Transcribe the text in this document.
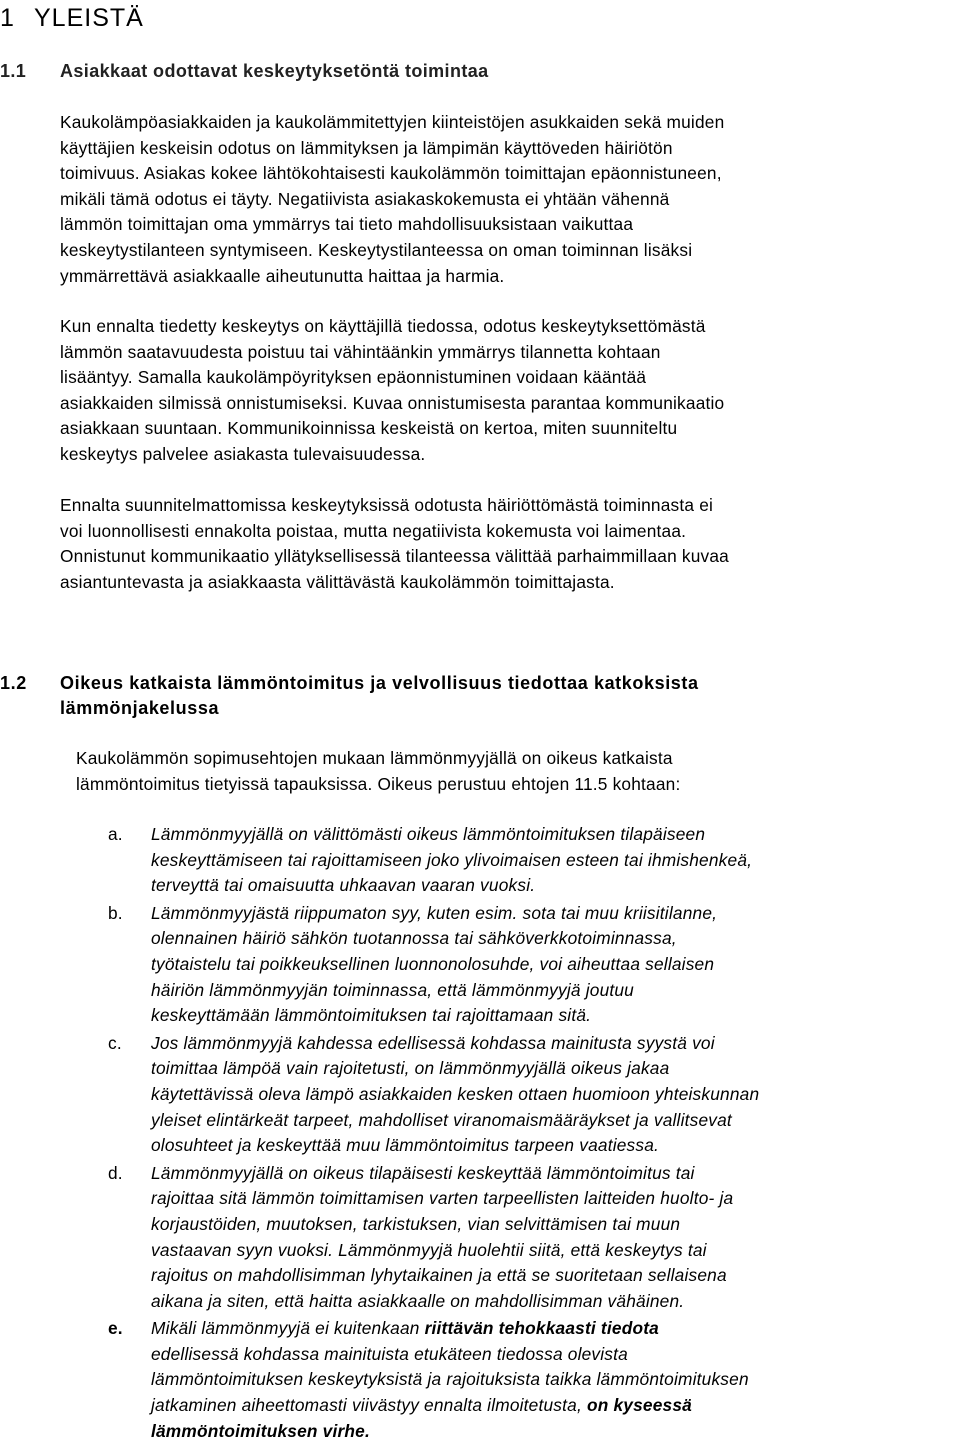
1 YLEISTÄ
1.1 Asiakkaat odottavat keskeytyksetöntä toimintaa

Kaukolämpöasiakkaiden ja kaukolämmitettyjen kiinteistöjen asukkaiden sekä muiden
käyttäjien keskeisin odotus on lämmityksen ja lämpimän käyttöveden häiriötön
toimivuus. Asiakas kokee lähtökohtaisesti kaukolämmön toimittajan epäonnistuneen,
mikäli tämä odotus ei täyty. Negatiivista asiakaskokemusta ei yhtään vähennä
lämmön toimittajan oma ymmärrys tai tieto mahdollisuuksistaan vaikuttaa
keskeytystilanteen syntymiseen. Keskeytystilanteessa on oman toiminnan lisäksi
ymmärrettävä asiakkaalle aiheutunutta haittaa ja harmia.

Kun ennalta tiedetty keskeytys on käyttäjillä tiedossa, odotus keskeytyksettömästä
lämmön saatavuudesta poistuu tai vähintäänkin ymmärrys tilannetta kohtaan
lisääntyy. Samalla kaukolämpöyrityksen epäonnistuminen voidaan kääntää
asiakkaiden silmissä onnistumiseksi. Kuvaa onnistumisesta parantaa kommunikaatio
asiakkaan suuntaan. Kommunikoinnissa keskeistä on kertoa, miten suunniteltu
keskeytys palvelee asiakasta tulevaisuudessa.

Ennalta suunnitelmattomissa keskeytyksissä odotusta häiriöttömästä toiminnasta ei
voi luonnollisesti ennakolta poistaa, mutta negatiivista kokemusta voi laimentaa.
Onnistunut kommunikaatio yllätyksellisessä tilanteessa välittää parhaimmillaan kuvaa
asiantuntevasta ja asiakkaasta välittävästä kaukolämmön toimittajasta.

1.2 Oikeus katkaista lämmöntoimitus ja velvollisuus tiedottaa katkoksista
lämmönjakelussa

Kaukolämmön sopimusehtojen mukaan lämmönmyyjällä on oikeus katkaista
lämmöntoimitus tietyissä tapauksissa. Oikeus perustuu ehtojen 11.5 kohtaan:

a. Lämmönmyyjällä on välittömästi oikeus lämmöntoimituksen tilapäiseen
keskeyttämiseen tai rajoittamiseen joko ylivoimaisen esteen tai ihmishenkeä,
terveyttä tai omaisuutta uhkaavan vaaran vuoksi.
b. Lämmönmyyjästä riippumaton syy, kuten esim. sota tai muu kriisitilanne,
olennainen häiriö sähkön tuotannossa tai sähköverkkotoiminnassa,
työtaistelu tai poikkeuksellinen luonnonolosuhde, voi aiheuttaa sellaisen
häiriön lämmönmyyjän toiminnassa, että lämmönmyyjä joutuu
keskeyttämään lämmöntoimituksen tai rajoittamaan sitä.
c. Jos lämmönmyyjä kahdessa edellisessä kohdassa mainitusta syystä voi
toimittaa lämpöä vain rajoitetusti, on lämmönmyyjällä oikeus jakaa
käytettävissä oleva lämpö asiakkaiden kesken ottaen huomioon yhteiskunnan
yleiset elintärkeät tarpeet, mahdolliset viranomaismääräykset ja vallitsevat
olosuhteet ja keskeyttää muu lämmöntoimitus tarpeen vaatiessa.
d. Lämmönmyyjällä on oikeus tilapäisesti keskeyttää lämmöntoimitus tai
rajoittaa sitä lämmön toimittamisen varten tarpeellisten laitteiden huolto- ja
korjaustöiden, muutoksen, tarkistuksen, vian selvittämisen tai muun
vastaavan syyn vuoksi. Lämmönmyyjä huolehtii siitä, että keskeytys tai
rajoitus on mahdollisimman lyhytaikainen ja että se suoritetaan sellaisena
aikana ja siten, että haitta asiakkaalle on mahdollisimman vähäinen.
e. Mikäli lämmönmyyjä ei kuitenkaan riittävän tehokkaasti tiedota
edellisessä kohdassa mainituista etukäteen tiedossa olevista
lämmöntoimituksen keskeytyksistä ja rajoituksista taikka lämmöntoimituksen
jatkaminen aiheettomasti viivästyy ennalta ilmoitetusta, on kyseessä
lämmöntoimituksen virhe.
